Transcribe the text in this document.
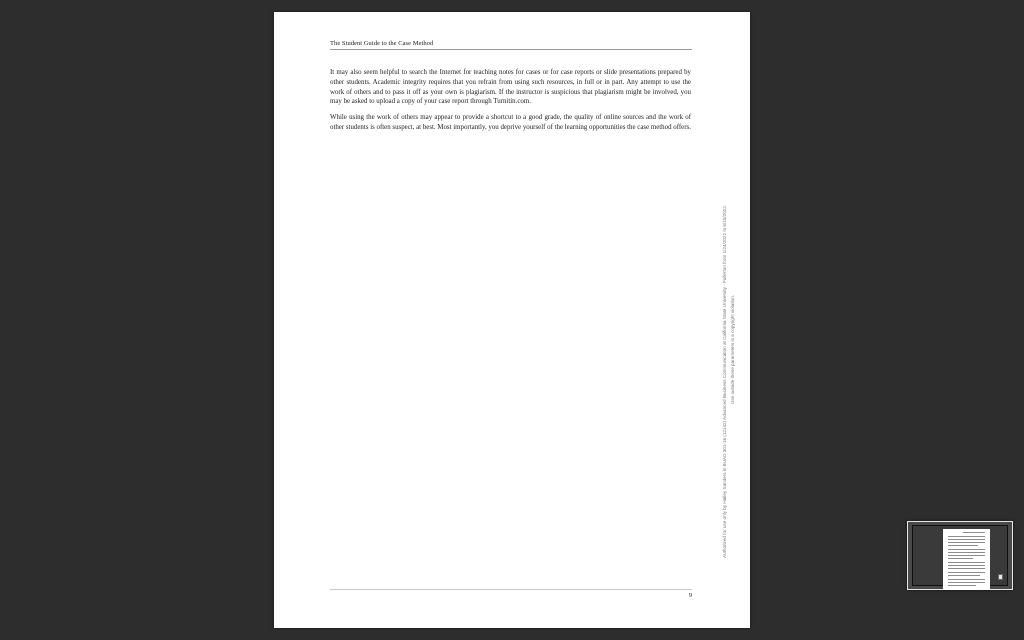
The Student Guide to the Case Method

It may also seem helpful to search the Internet for teaching notes for cases or for case reports or slide presentations prepared by other students. Academic integrity requires that you refrain from using such resources, in full or in part. Any attempt to use the work of others and to pass it off as your own is plagiarism. If the instructor is suspicious that plagiarism might be involved, you may be asked to upload a copy of your case report through Turnitin.com.

While using the work of others may appear to provide a shortcut to a good grade, the quality of online sources and the work of other students is often suspect, at best. Most importantly, you deprive yourself of the learning opportunities the case method offers.

Authorized for use only by Hailey Sanders in BUAD 301-16 (12142) Advanced Business Communication at California State University - Fullerton from 1/24/2022 to 6/15/2022. Use outside these parameters is a copyright violation.
9
